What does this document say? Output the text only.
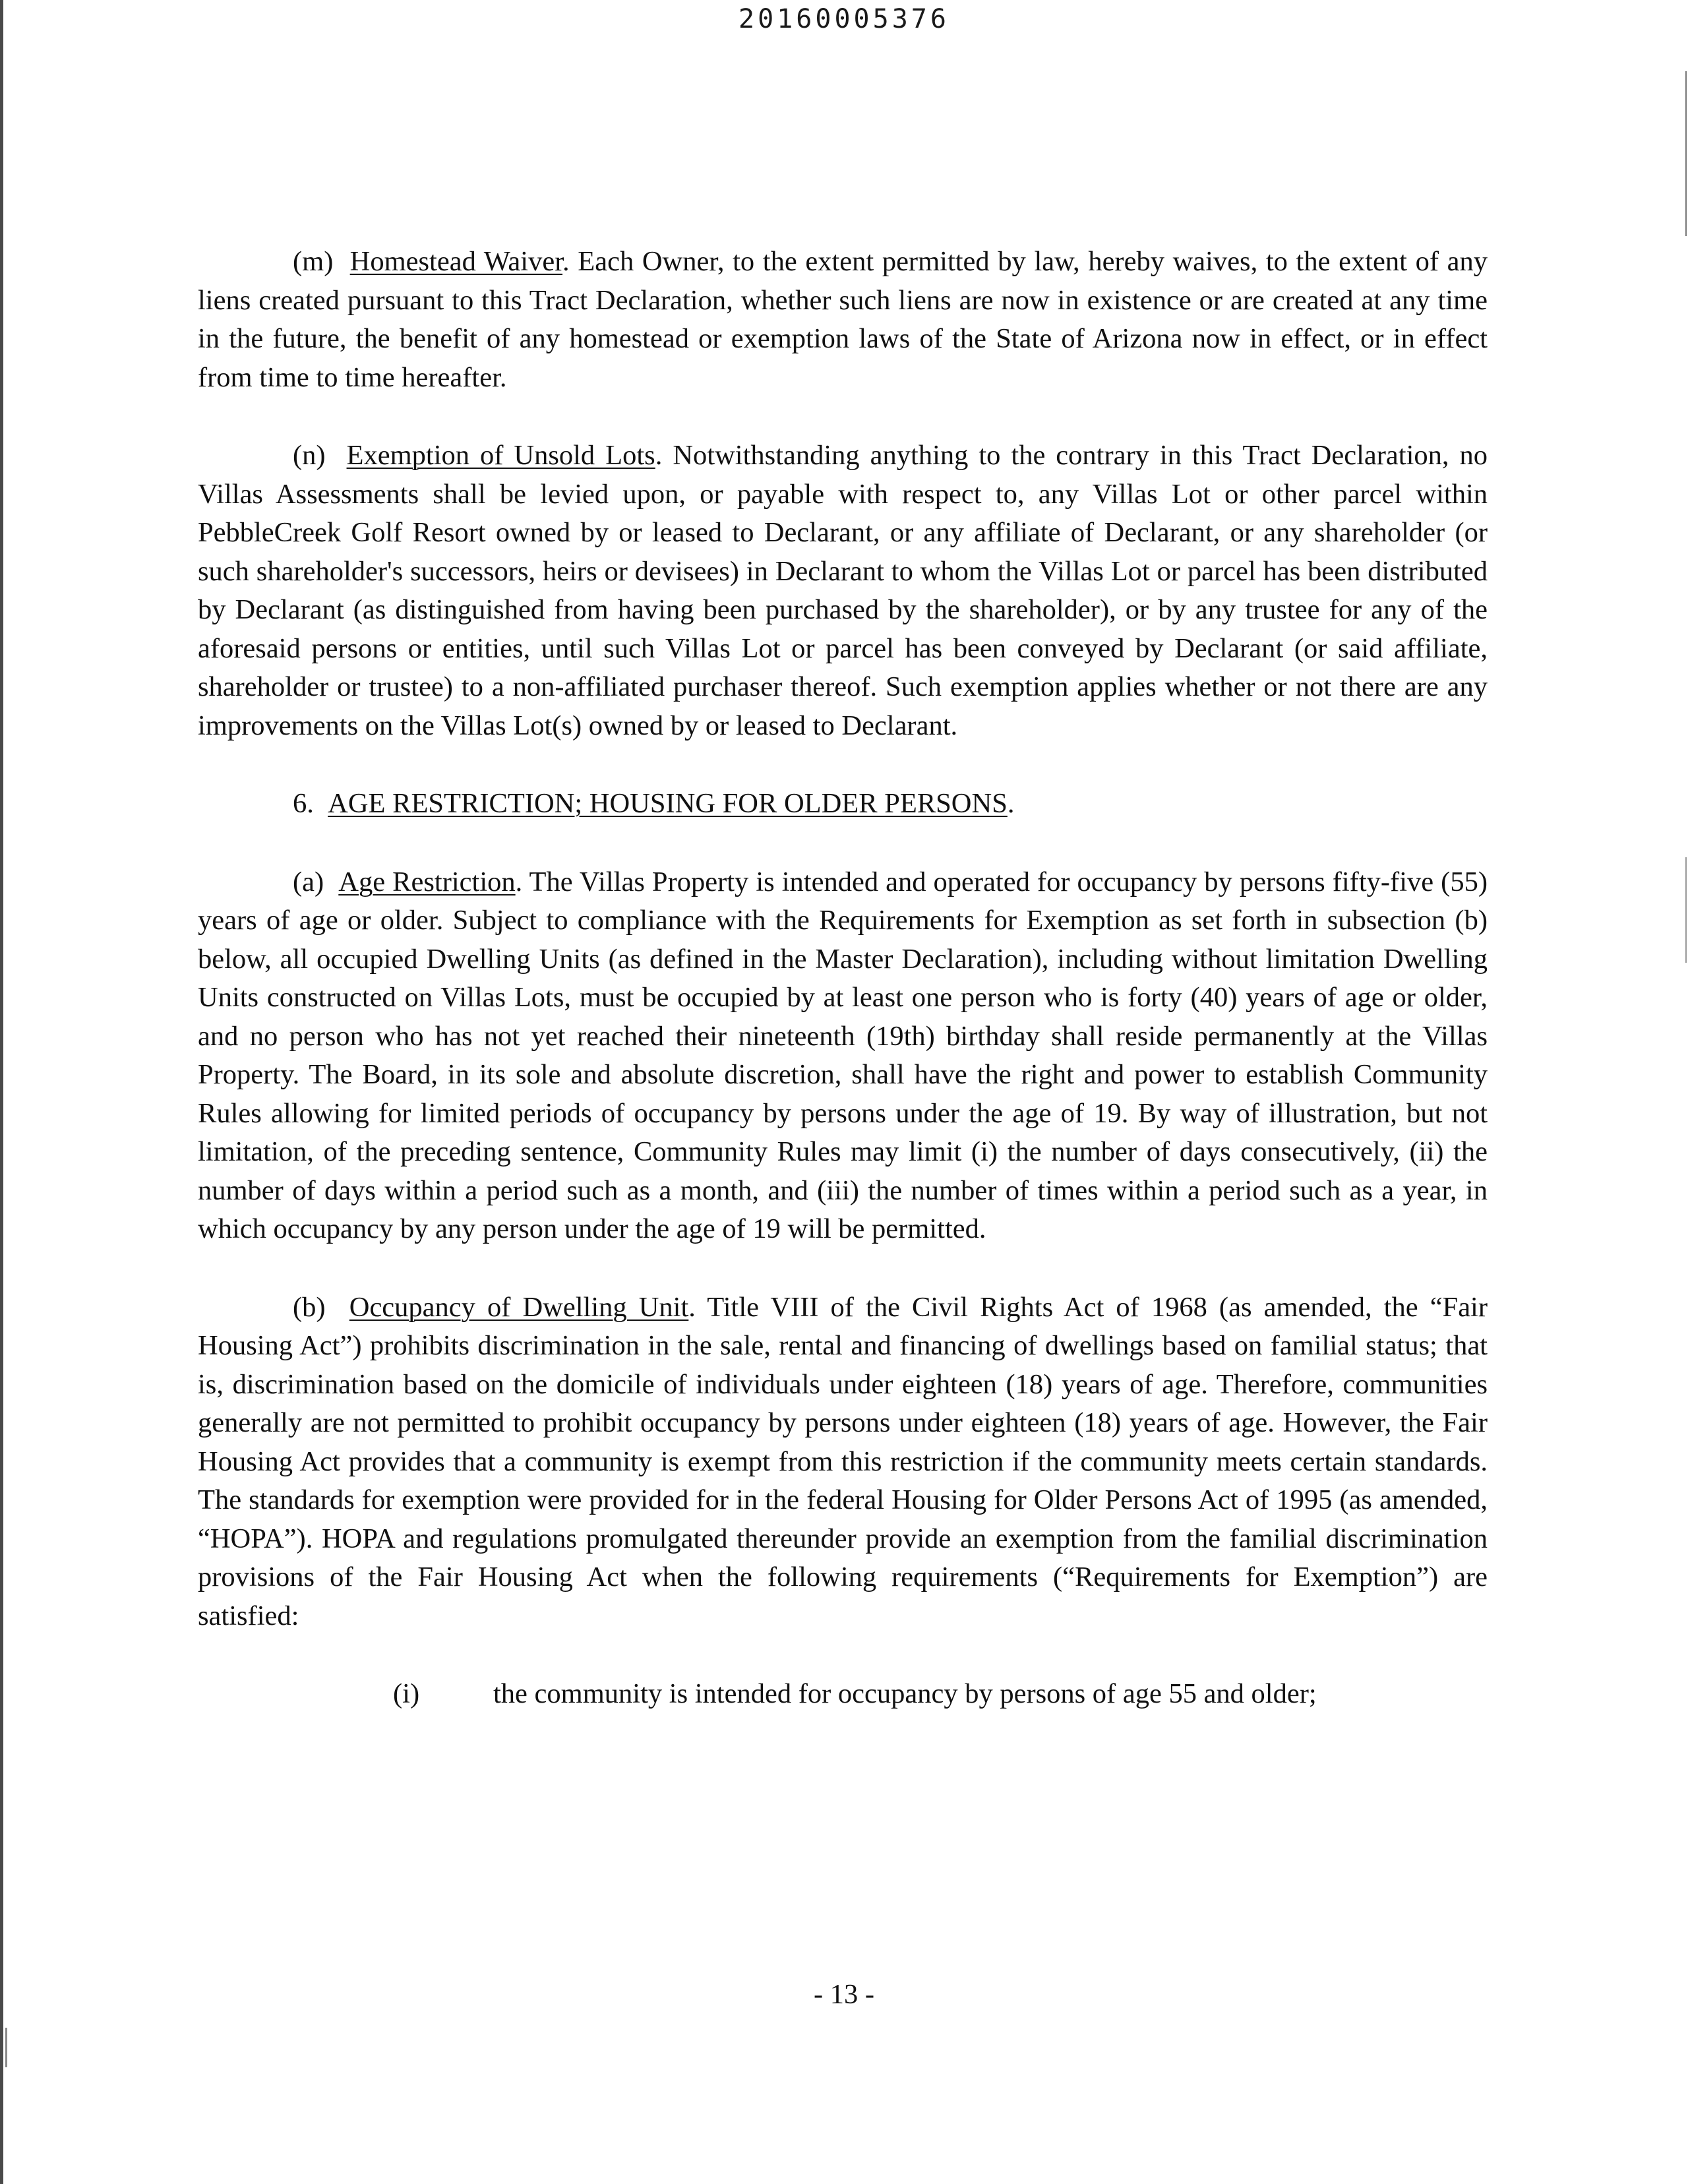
20160005376

(m) Homestead Waiver. Each Owner, to the extent permitted by law, hereby waives, to the extent of any liens created pursuant to this Tract Declaration, whether such liens are now in existence or are created at any time in the future, the benefit of any homestead or exemption laws of the State of Arizona now in effect, or in effect from time to time hereafter.

(n) Exemption of Unsold Lots. Notwithstanding anything to the contrary in this Tract Declaration, no Villas Assessments shall be levied upon, or payable with respect to, any Villas Lot or other parcel within PebbleCreek Golf Resort owned by or leased to Declarant, or any affiliate of Declarant, or any shareholder (or such shareholder's successors, heirs or devisees) in Declarant to whom the Villas Lot or parcel has been distributed by Declarant (as distinguished from having been purchased by the shareholder), or by any trustee for any of the aforesaid persons or entities, until such Villas Lot or parcel has been conveyed by Declarant (or said affiliate, shareholder or trustee) to a non-affiliated purchaser thereof. Such exemption applies whether or not there are any improvements on the Villas Lot(s) owned by or leased to Declarant.

6. AGE RESTRICTION; HOUSING FOR OLDER PERSONS.

(a) Age Restriction. The Villas Property is intended and operated for occupancy by persons fifty-five (55) years of age or older. Subject to compliance with the Requirements for Exemption as set forth in subsection (b) below, all occupied Dwelling Units (as defined in the Master Declaration), including without limitation Dwelling Units constructed on Villas Lots, must be occupied by at least one person who is forty (40) years of age or older, and no person who has not yet reached their nineteenth (19th) birthday shall reside permanently at the Villas Property. The Board, in its sole and absolute discretion, shall have the right and power to establish Community Rules allowing for limited periods of occupancy by persons under the age of 19. By way of illustration, but not limitation, of the preceding sentence, Community Rules may limit (i) the number of days consecutively, (ii) the number of days within a period such as a month, and (iii) the number of times within a period such as a year, in which occupancy by any person under the age of 19 will be permitted.

(b) Occupancy of Dwelling Unit. Title VIII of the Civil Rights Act of 1968 (as amended, the “Fair Housing Act”) prohibits discrimination in the sale, rental and financing of dwellings based on familial status; that is, discrimination based on the domicile of individuals under eighteen (18) years of age. Therefore, communities generally are not permitted to prohibit occupancy by persons under eighteen (18) years of age. However, the Fair Housing Act provides that a community is exempt from this restriction if the community meets certain standards. The standards for exemption were provided for in the federal Housing for Older Persons Act of 1995 (as amended, “HOPA”). HOPA and regulations promulgated thereunder provide an exemption from the familial discrimination provisions of the Fair Housing Act when the following requirements (“Requirements for Exemption”) are satisfied:

(i)	the community is intended for occupancy by persons of age 55 and older;
- 13 -
